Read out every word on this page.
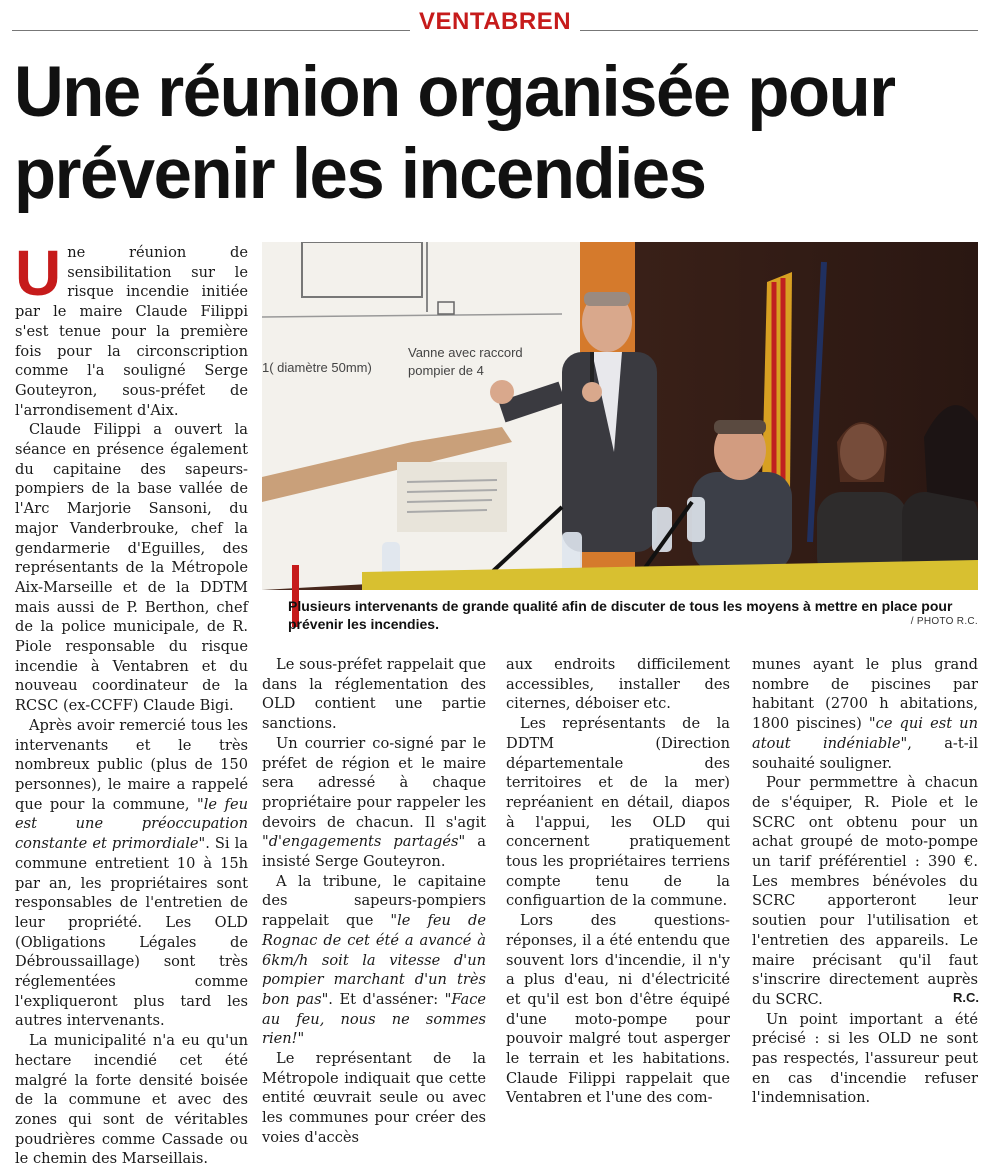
VENTABREN
Une réunion organisée pour prévenir les incendies

Une réunion de sensibilitation sur le risque incendie initiée par le maire Claude Filippi s'est tenue pour la première fois pour la circonscription comme l'a souligné Serge Gouteyron, sous-préfet de l'arrondisement d'Aix.

Claude Filippi a ouvert la séance en présence également du capitaine des sapeurs-pompiers de la base vallée de l'Arc Marjorie Sansoni, du major Vanderbrouke, chef la gendarmerie d'Eguilles, des représentants de la Métropole Aix-Marseille et de la DDTM mais aussi de P. Berthon, chef de la police municipale, de R. Piole responsable du risque incendie à Ventabren et du nouveau coordinateur de la RCSC (ex-CCFF) Claude Bigi.

Après avoir remercié tous les intervenants et le très nombreux public (plus de 150 personnes), le maire a rappelé que pour la commune, "le feu est une préoccupation constante et primordiale". Si la commune entretient 10 à 15h par an, les propriétaires sont responsables de l'entretien de leur propriété. Les OLD (Obligations Légales de Débroussaillage) sont très réglementées comme l'expliqueront plus tard les autres intervenants.

La municipalité n'a eu qu'un hectare incendié cet été malgré la forte densité boisée de la commune et avec des zones qui sont de véritables poudrières comme Cassade ou le chemin des Marseillais.

1( diamètre 50mm)
Vanne avec raccord
pompier de 4
Plusieurs intervenants de grande qualité afin de discuter de tous les moyens à mettre en place pour prévenir les incendies.	/ PHOTO R.C.

Le sous-préfet rappelait que dans la réglementation des OLD contient une partie sanctions.

Un courrier co-signé par le préfet de région et le maire sera adressé à chaque propriétaire pour rappeler les devoirs de chacun. Il s'agit "d'engagements partagés" a insisté Serge Gouteyron.

A la tribune, le capitaine des sapeurs-pompiers rappelait que "le feu de Rognac de cet été a avancé à 6km/h soit la vitesse d'un pompier marchant d'un très bon pas". Et d'asséner: "Face au feu, nous ne sommes rien!"

Le représentant de la Métropole indiquait que cette entité œuvrait seule ou avec les communes pour créer des voies d'accès

aux endroits difficilement accessibles, installer des citernes, déboiser etc.

Les représentants de la DDTM (Direction départementale des territoires et de la mer) repréanient en détail, diapos à l'appui, les OLD qui concernent pratiquement tous les propriétaires terriens compte tenu de la configuartion de la commune.

Lors des questions-réponses, il a été entendu que souvent lors d'incendie, il n'y a plus d'eau, ni d'électricité et qu'il est bon d'être équipé d'une moto-pompe pour pouvoir malgré tout asperger le terrain et les habitations. Claude Filippi rappelait que Ventabren et l'une des com-

munes ayant le plus grand nombre de piscines par habitant (2700 h abitations, 1800 piscines) "ce qui est un atout indéniable", a-t-il souhaité souligner.

Pour permmettre à chacun de s'équiper, R. Piole et le SCRC ont obtenu pour un achat groupé de moto-pompe un tarif préférentiel : 390 €. Les membres bénévoles du SCRC apporteront leur soutien pour l'utilisation et l'entretien des appareils. Le maire précisant qu'il faut s'inscrire directement auprès du SCRC.

Un point important a été précisé : si les OLD ne sont pas respectés, l'assureur peut en cas d'incendie refuser l'indemnisation.

R.C.
